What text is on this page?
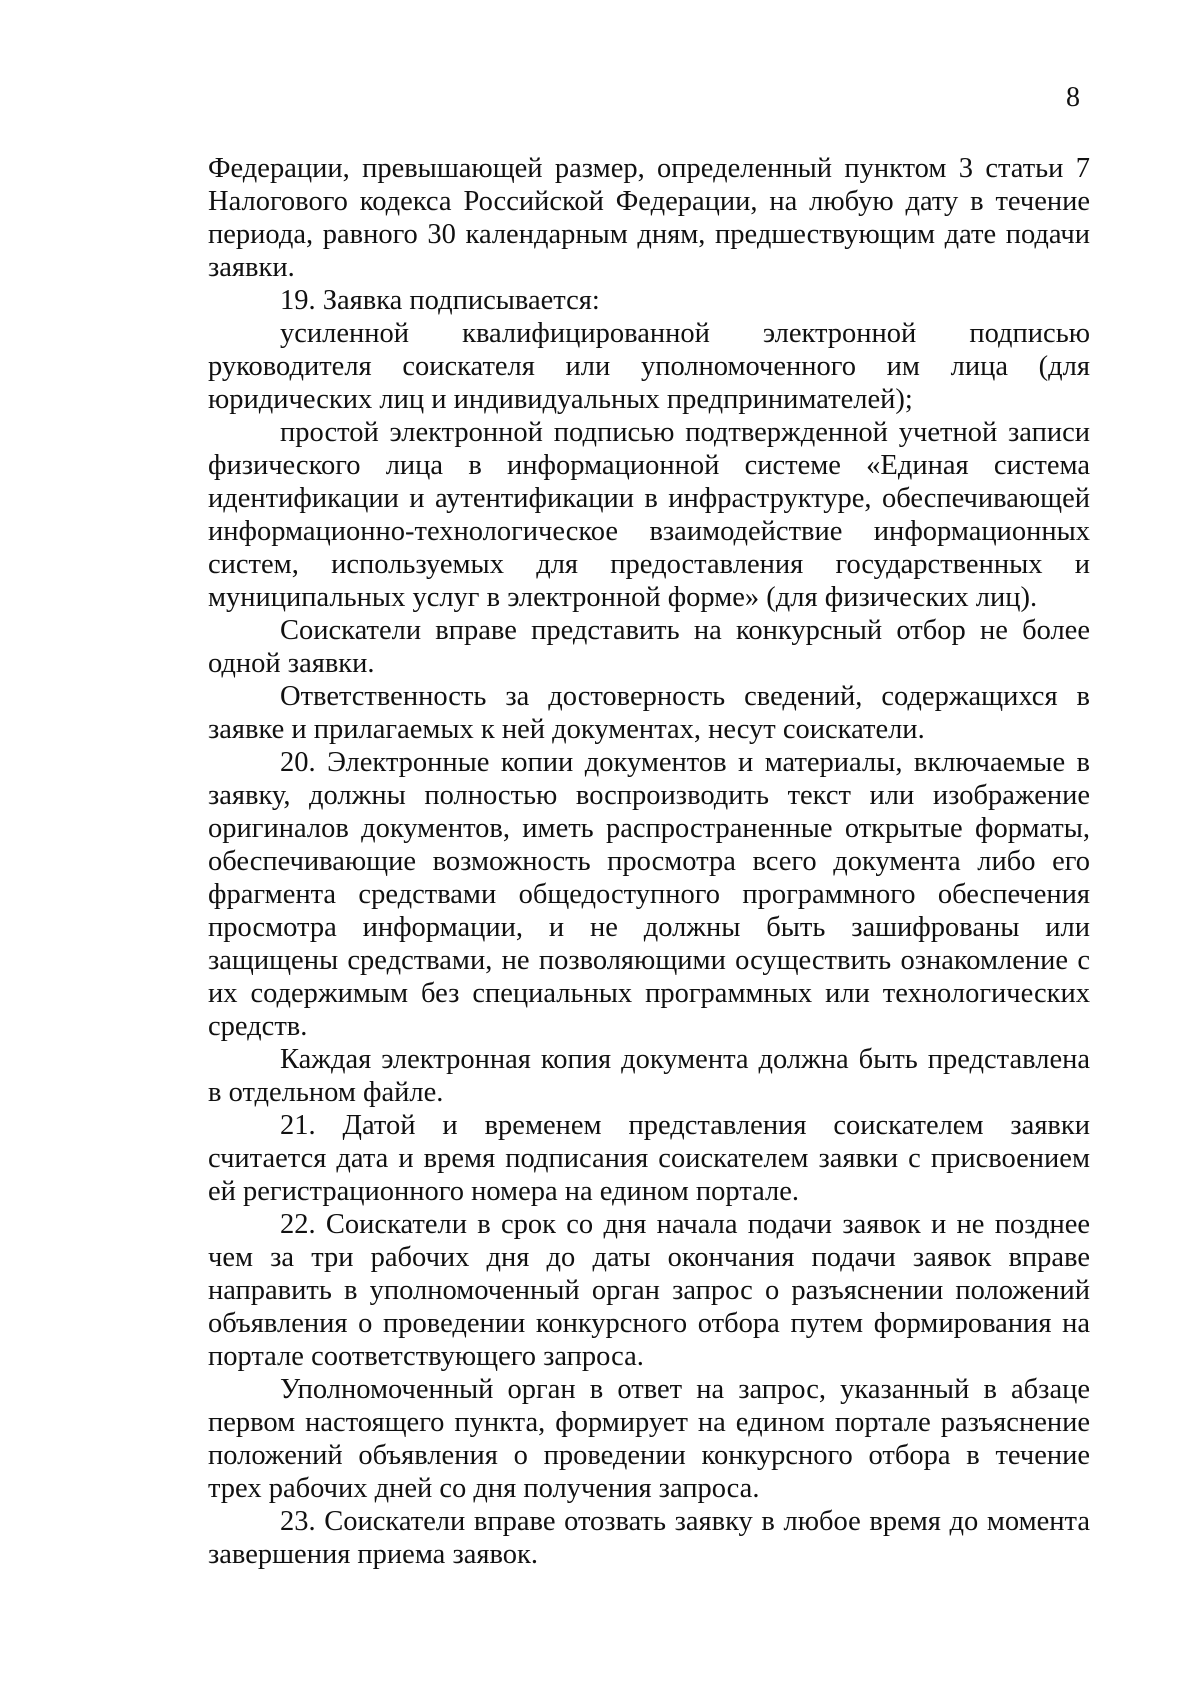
8

Федерации, превышающей размер, определенный пунктом 3 статьи 7 Налогового кодекса Российской Федерации, на любую дату в течение периода, равного 30 календарным дням, предшествующим дате подачи заявки.

19. Заявка подписывается:

усиленной квалифицированной электронной подписью руководителя соискателя или уполномоченного им лица (для юридических лиц и индивидуальных предпринимателей);

простой электронной подписью подтвержденной учетной записи физического лица в информационной системе «Единая система идентификации и аутентификации в инфраструктуре, обеспечивающей информационно-технологическое взаимодействие информационных систем, используемых для предоставления государственных и муниципальных услуг в электронной форме» (для физических лиц).

Соискатели вправе представить на конкурсный отбор не более одной заявки.

Ответственность за достоверность сведений, содержащихся в заявке и прилагаемых к ней документах, несут соискатели.

20. Электронные копии документов и материалы, включаемые в заявку, должны полностью воспроизводить текст или изображение оригиналов документов, иметь распространенные открытые форматы, обеспечивающие возможность просмотра всего документа либо его фрагмента средствами общедоступного программного обеспечения просмотра информации, и не должны быть зашифрованы или защищены средствами, не позволяющими осуществить ознакомление с их содержимым без специальных программных или технологических средств.

Каждая электронная копия документа должна быть представлена в отдельном файле.

21. Датой и временем представления соискателем заявки считается дата и время подписания соискателем заявки с присвоением ей регистрационного номера на едином портале.

22. Соискатели в срок со дня начала подачи заявок и не позднее чем за три рабочих дня до даты окончания подачи заявок вправе направить в уполномоченный орган запрос о разъяснении положений объявления о проведении конкурсного отбора путем формирования на портале соответствующего запроса.

Уполномоченный орган в ответ на запрос, указанный в абзаце первом настоящего пункта, формирует на едином портале разъяснение положений объявления о проведении конкурсного отбора в течение трех рабочих дней со дня получения запроса.

23. Соискатели вправе отозвать заявку в любое время до момента завершения приема заявок.
